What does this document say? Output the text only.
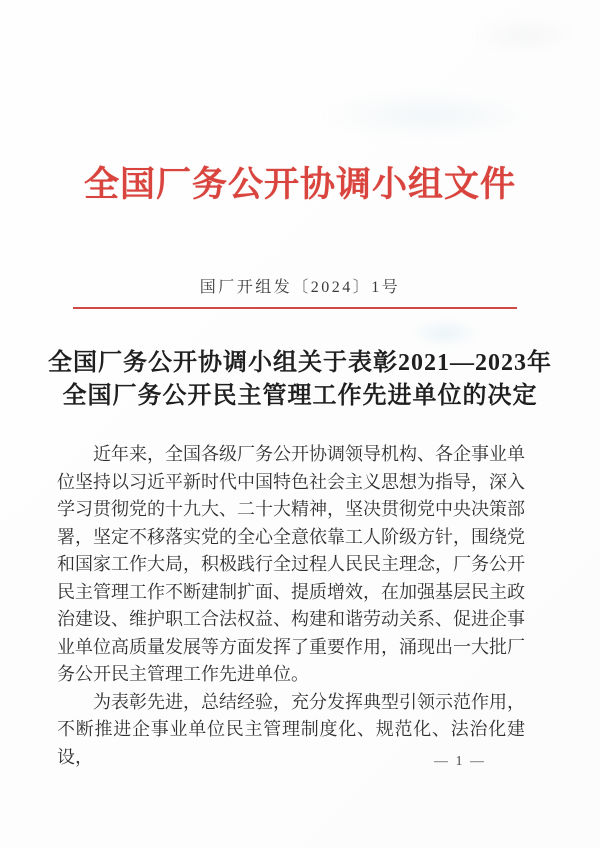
全国厂务公开协调小组文件
国厂开组发〔2024〕1号
全国厂务公开协调小组关于表彰2021—2023年
全国厂务公开民主管理工作先进单位的决定

近年来，全国各级厂务公开协调领导机构、各企事业单位坚持以习近平新时代中国特色社会主义思想为指导，深入学习贯彻党的十九大、二十大精神，坚决贯彻党中央决策部署，坚定不移落实党的全心全意依靠工人阶级方针，围绕党和国家工作大局，积极践行全过程人民民主理念，厂务公开民主管理工作不断建制扩面、提质增效，在加强基层民主政治建设、维护职工合法权益、构建和谐劳动关系、促进企事业单位高质量发展等方面发挥了重要作用，涌现出一大批厂务公开民主管理工作先进单位。

为表彰先进，总结经验，充分发挥典型引领示范作用，不断推进企事业单位民主管理制度化、规范化、法治化建设，	— 1 —
